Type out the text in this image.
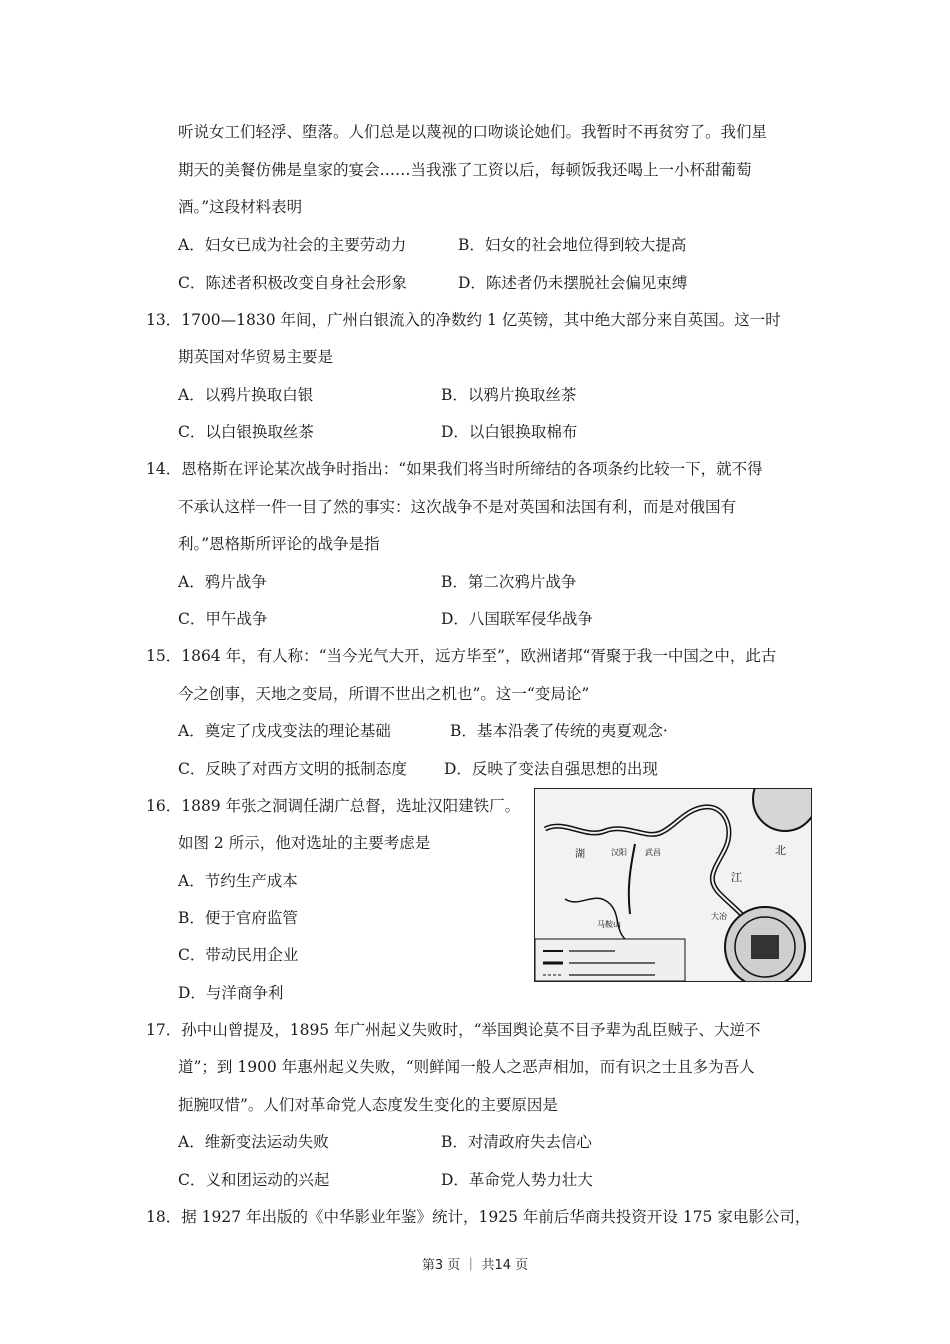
听说女工们轻浮、堕落。人们总是以蔑视的口吻谈论她们。我暂时不再贫穷了。我们星
期天的美餐仿佛是皇家的宴会……当我涨了工资以后，每顿饭我还喝上一小杯甜葡萄
酒。”这段材料表明
A．妇女已成为社会的主要劳动力	B．妇女的社会地位得到较大提高
C．陈述者积极改变自身社会形象	D．陈述者仍未摆脱社会偏见束缚
13．1700—1830 年间，广州白银流入的净数约 1 亿英镑，其中绝大部分来自英国。这一时
期英国对华贸易主要是
A．以鸦片换取白银	B．以鸦片换取丝茶
C．以白银换取丝茶	D．以白银换取棉布
14．恩格斯在评论某次战争时指出：“如果我们将当时所缔结的各项条约比较一下，就不得
不承认这样一件一目了然的事实：这次战争不是对英国和法国有利，而是对俄国有
利。”恩格斯所评论的战争是指
A．鸦片战争	B．第二次鸦片战争
C．甲午战争	D．八国联军侵华战争
15．1864 年，有人称：“当今光气大开，远方毕至”，欧洲诸邦“胥聚于我一中国之中，此古
今之创事，天地之变局，所谓不世出之机也”。这一“变局论”
A．奠定了戊戌变法的理论基础	B．基本沿袭了传统的夷夏观念·
C．反映了对西方文明的抵制态度 D．反映了变法自强思想的出现
16．1889 年张之洞调任湖广总督，选址汉阳建铁厂。
如图 2 所示，他对选址的主要考虑是
A．节约生产成本
B．便于官府监管
C．带动民用企业
D．与洋商争利
北
江
湖	汉阳 武昌
大冶
马鞍山
17．孙中山曾提及，1895 年广州起义失败时，“举国舆论莫不目予辈为乱臣贼子、大逆不
道”；到 1900 年惠州起义失败，“则鲜闻一般人之恶声相加，而有识之士且多为吾人
扼腕叹惜”。人们对革命党人态度发生变化的主要原因是
A．维新变法运动失败	B．对清政府失去信心
C．义和团运动的兴起	D．革命党人势力壮大
18．据 1927 年出版的《中华影业年鉴》统计，1925 年前后华商共投资开设 175 家电影公司，
第3 页 ｜ 共14 页
